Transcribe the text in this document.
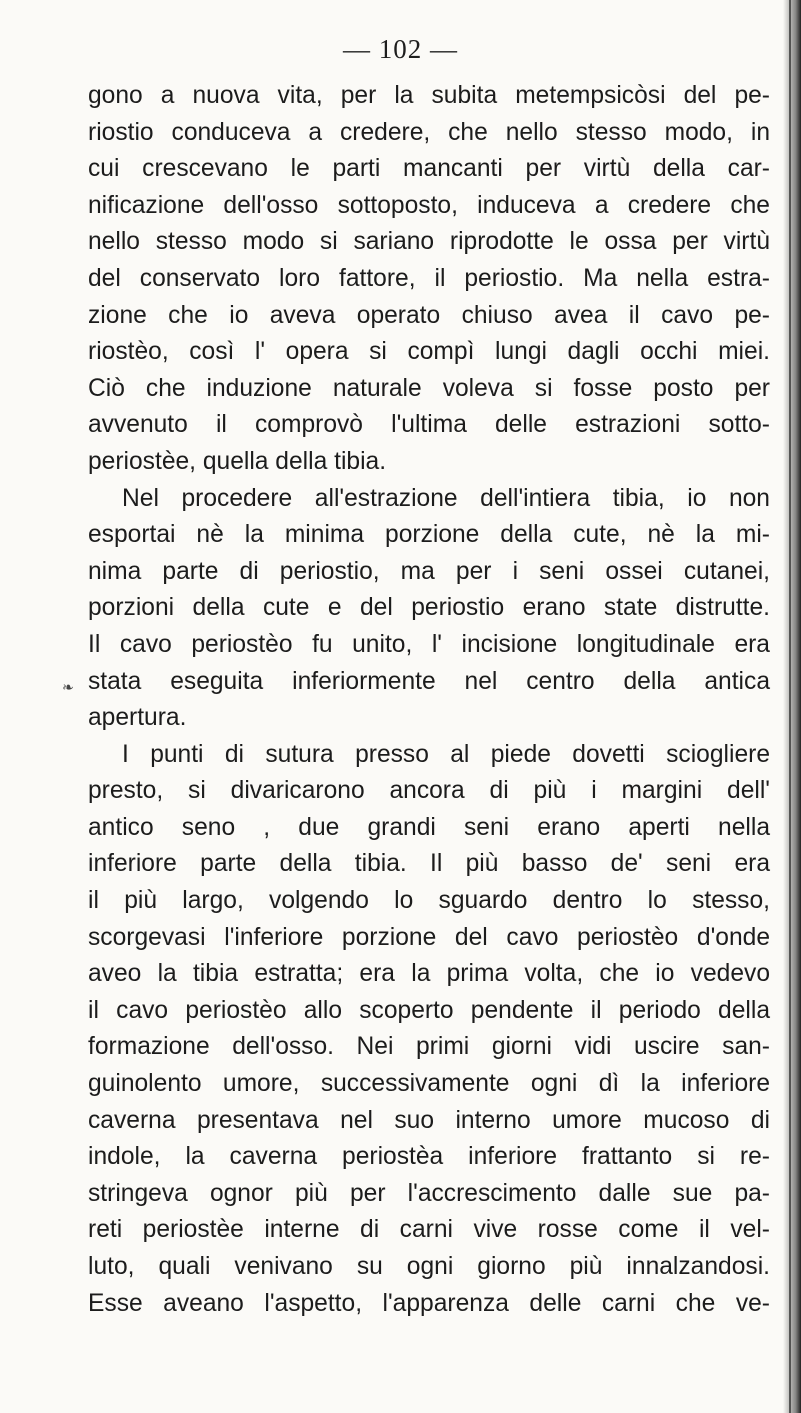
— 102 —
gono a nuova vita, per la subita metempsicòsi del pe-
riostio conduceva a credere, che nello stesso modo, in
cui crescevano le parti mancanti per virtù della car-
nificazione dell'osso sottoposto, induceva a credere che
nello stesso modo si sariano riprodotte le ossa per virtù
del conservato loro fattore, il periostio. Ma nella estra-
zione che io aveva operato chiuso avea il cavo pe-
riostèo, così l' opera si compì lungi dagli occhi miei.
Ciò che induzione naturale voleva si fosse posto per
avvenuto il comprovò l'ultima delle estrazioni sotto-
periostèe, quella della tibia.
Nel procedere all'estrazione dell'intiera tibia, io non
esportai nè la minima porzione della cute, nè la mi-
nima parte di periostio, ma per i seni ossei cutanei,
porzioni della cute e del periostio erano state distrutte.
Il cavo periostèo fu unito, l' incisione longitudinale era
stata eseguita inferiormente nel centro della antica
apertura.
I punti di sutura presso al piede dovetti sciogliere
presto, si divaricarono ancora di più i margini dell'
antico seno , due grandi seni erano aperti nella
inferiore parte della tibia. Il più basso de' seni era
il più largo, volgendo lo sguardo dentro lo stesso,
scorgevasi l'inferiore porzione del cavo periostèo d'onde
aveo la tibia estratta; era la prima volta, che io vedevo
il cavo periostèo allo scoperto pendente il periodo della
formazione dell'osso. Nei primi giorni vidi uscire san-
guinolento umore, successivamente ogni dì la inferiore
caverna presentava nel suo interno umore mucoso di
indole, la caverna periostèa inferiore frattanto si re-
stringeva ognor più per l'accrescimento dalle sue pa-
reti periostèe interne di carni vive rosse come il vel-
luto, quali venivano su ogni giorno più innalzandosi.
Esse aveano l'aspetto, l'apparenza delle carni che ve-
❧
